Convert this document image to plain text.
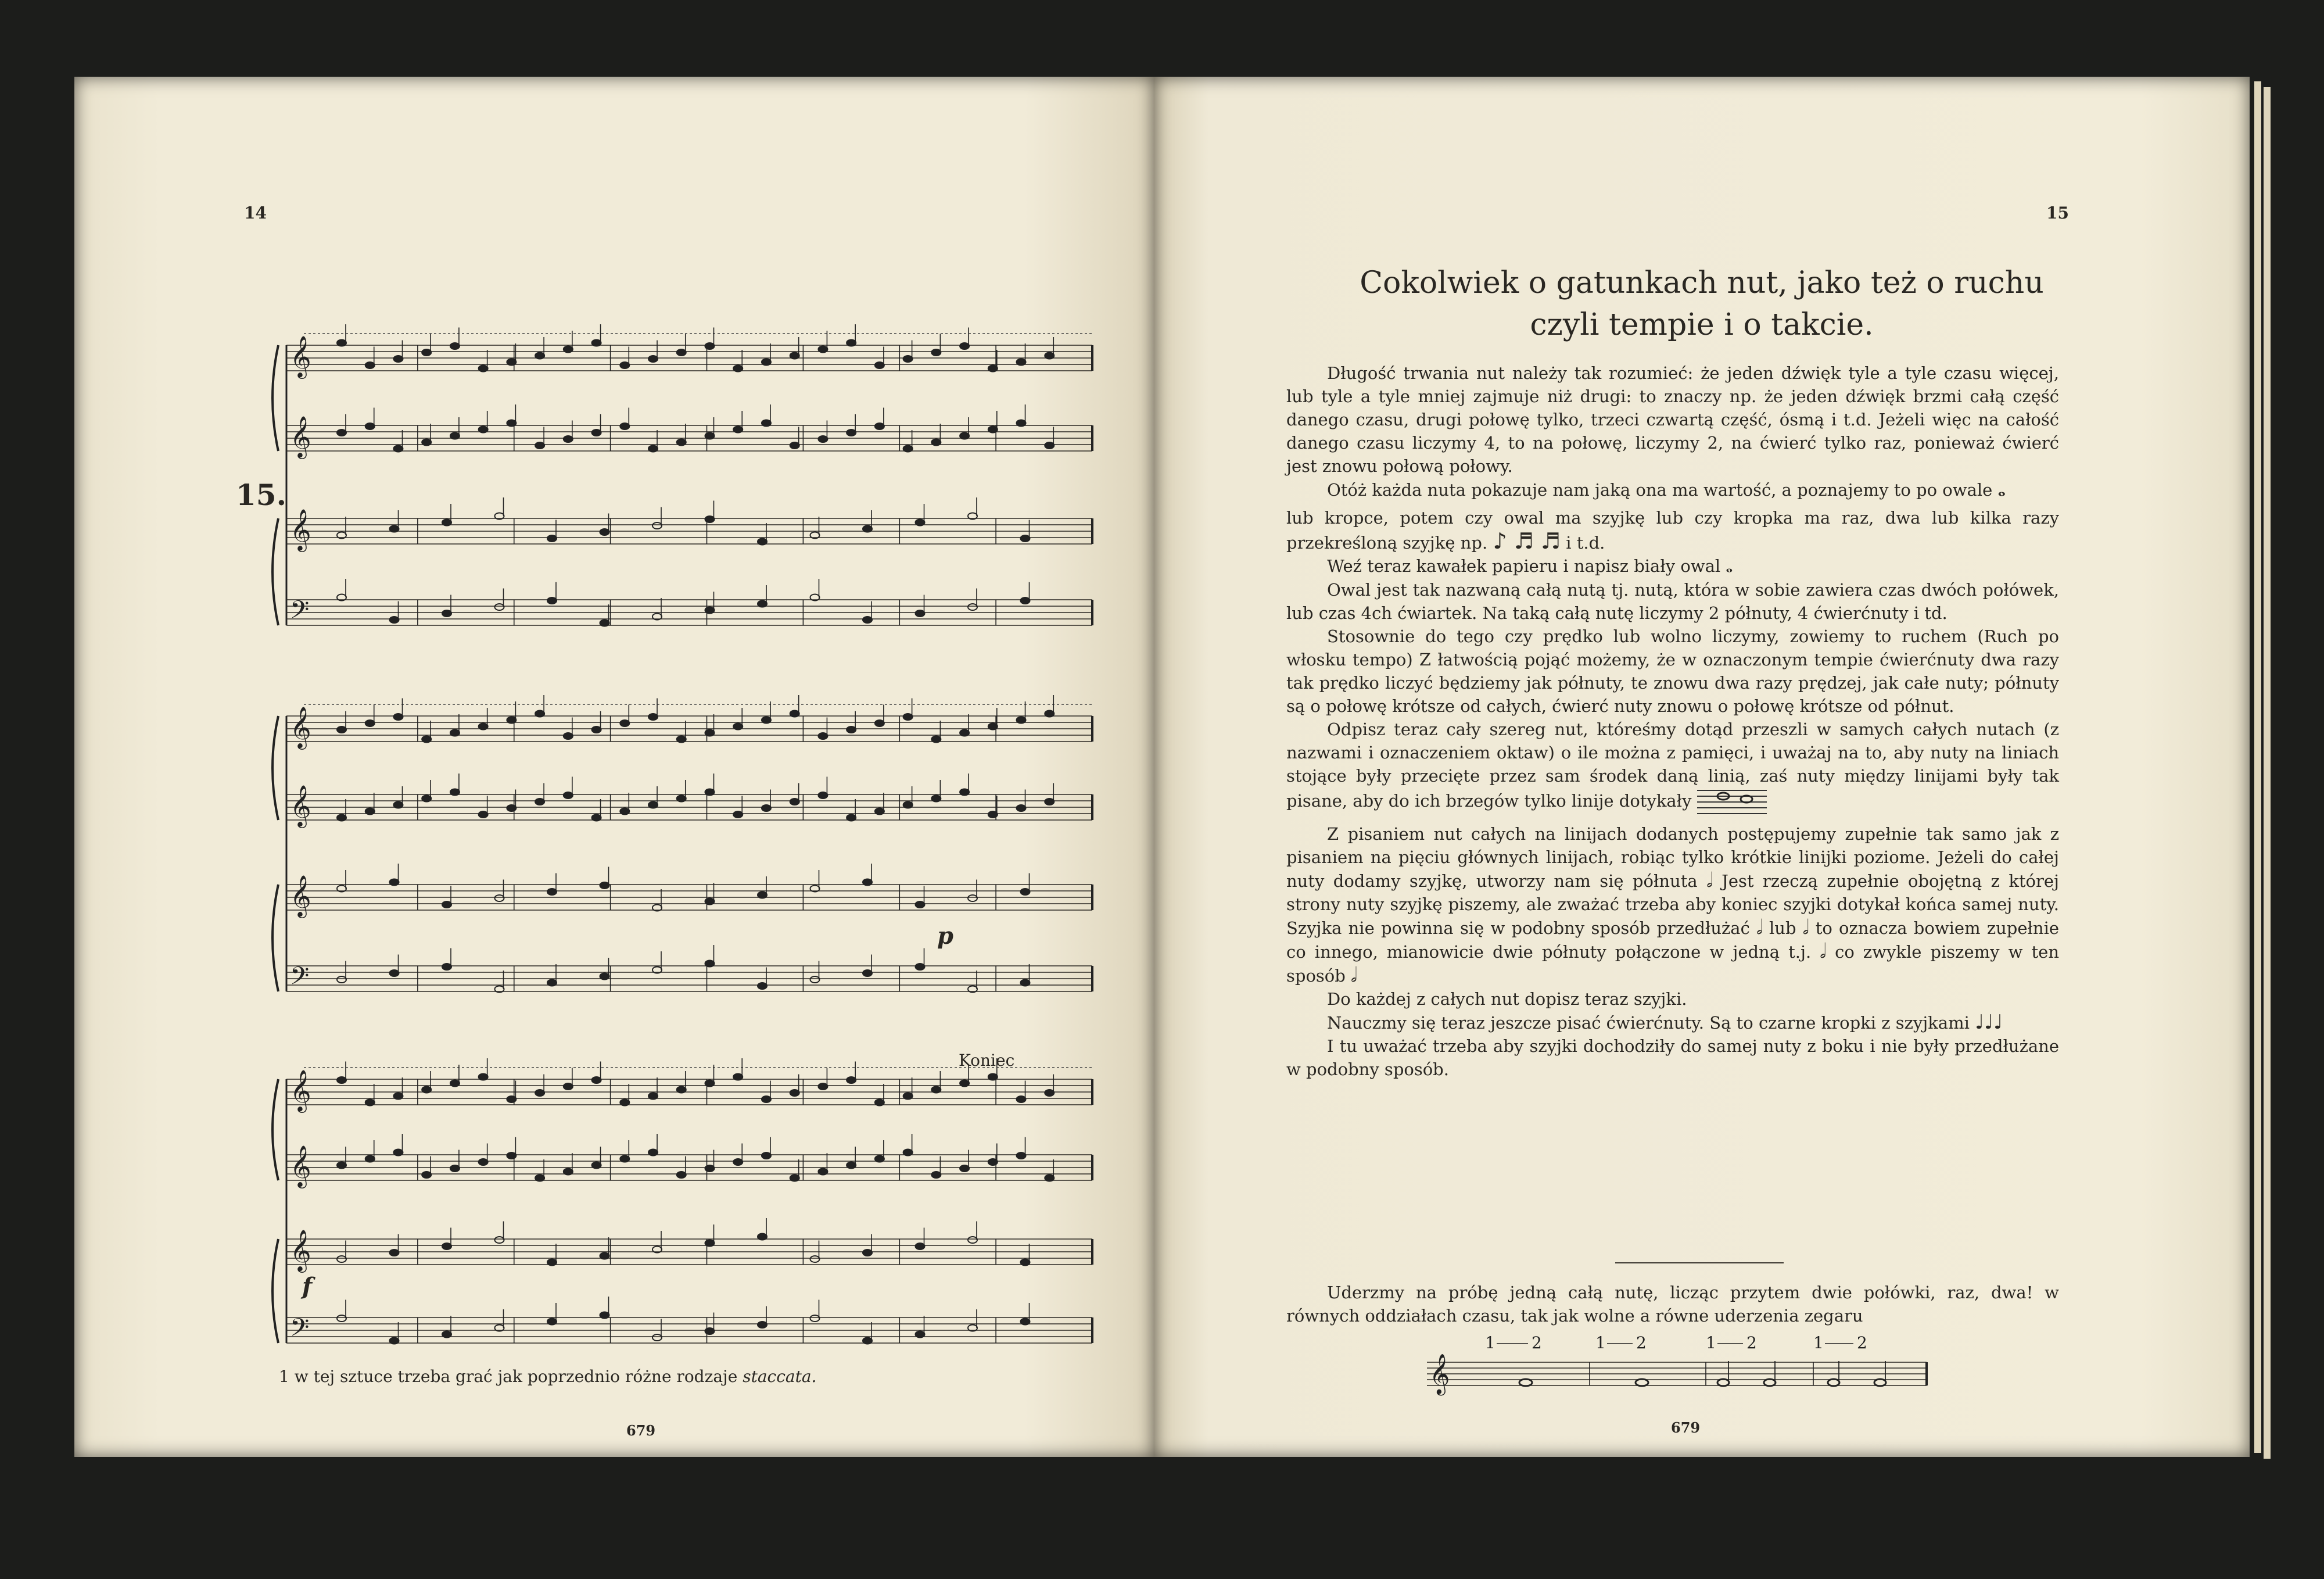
14
15.
𝄞
𝄞
𝄞
𝄢
𝄞
𝄞
𝄞
𝄢
𝄞
𝄞
𝄞
𝄢
Koniec
p
f
1 w tej sztuce trzeba grać jak poprzednio różne rodzaje staccata.
679
15
Cokolwiek o gatunkach nut, jako też o ruchu
czyli tempie i o takcie.

Długość trwania nut należy tak rozumieć: że jeden dźwięk tyle a tyle czasu więcej, lub tyle a tyle mniej zajmuje niż drugi: to znaczy np. że jeden dźwięk brzmi całą część danego czasu, drugi połowę tylko, trzeci czwartą część, ósmą i t.d. Jeżeli więc na całość danego czasu liczymy 4, to na połowę, liczymy 2, na ćwierć tylko raz, ponieważ ćwierć jest znowu połową połowy.

Otóż każda nuta pokazuje nam jaką ona ma wartość, a poznajemy to po owale 𝅝

lub kropce, potem czy owal ma szyjkę lub czy kropka ma raz, dwa lub kilka razy przekreśloną szyjkę np. ♪ ♬ ♬ i t.d.

Weź teraz kawałek papieru i napisz biały owal 𝅝

Owal jest tak nazwaną całą nutą tj. nutą, która w sobie zawiera czas dwóch połówek, lub czas 4ch ćwiartek. Na taką całą nutę liczymy 2 półnuty, 4 ćwierćnuty i td.

Stosownie do tego czy prędko lub wolno liczymy, zowiemy to ruchem (Ruch po włosku tempo) Z łatwością pojąć możemy, że w oznaczonym tempie ćwierćnuty dwa razy tak prędko liczyć będziemy jak półnuty, te znowu dwa razy prędzej, jak całe nuty; półnuty są o połowę krótsze od całych, ćwierć nuty znowu o połowę krótsze od półnut.

Odpisz teraz cały szereg nut, któreśmy dotąd przeszli w samych całych nutach (z nazwami i oznaczeniem oktaw) o ile można z pamięci, i uważaj na to, aby nuty na liniach stojące były przecięte przez sam środek daną linią, zaś nuty między linijami były tak pisane, aby do ich brzegów tylko linije dotykały

Z pisaniem nut całych na linijach dodanych postępujemy zupełnie tak samo jak z pisaniem na pięciu głównych linijach, robiąc tylko krótkie linijki poziome. Jeżeli do całej nuty dodamy szyjkę, utworzy nam się półnuta 𝅗𝅥 Jest rzeczą zupełnie obojętną z której strony nuty szyjkę piszemy, ale zważać trzeba aby koniec szyjki dotykał końca samej nuty. Szyjka nie powinna się w podobny sposób przedłużać 𝅗𝅥 lub 𝅗𝅥 to oznacza bowiem zupełnie co innego, mianowicie dwie półnuty połączone w jedną t.j. 𝅗𝅥 co zwykle piszemy w ten sposób 𝅗𝅥

Do każdej z całych nut dopisz teraz szyjki.

Nauczmy się teraz jeszcze pisać ćwierćnuty. Są to czarne kropki z szyjkami ♩♩♩

I tu uważać trzeba aby szyjki dochodziły do samej nuty z boku i nie były przedłużane w podobny sposób.

Uderzmy na próbę jedną całą nutę, licząc przytem dwie połówki, raz, dwa! w równych oddziałach czasu, tak jak wolne a równe uderzenia zegaru

𝄞
1 2	1 2	1 2	1 2
679
